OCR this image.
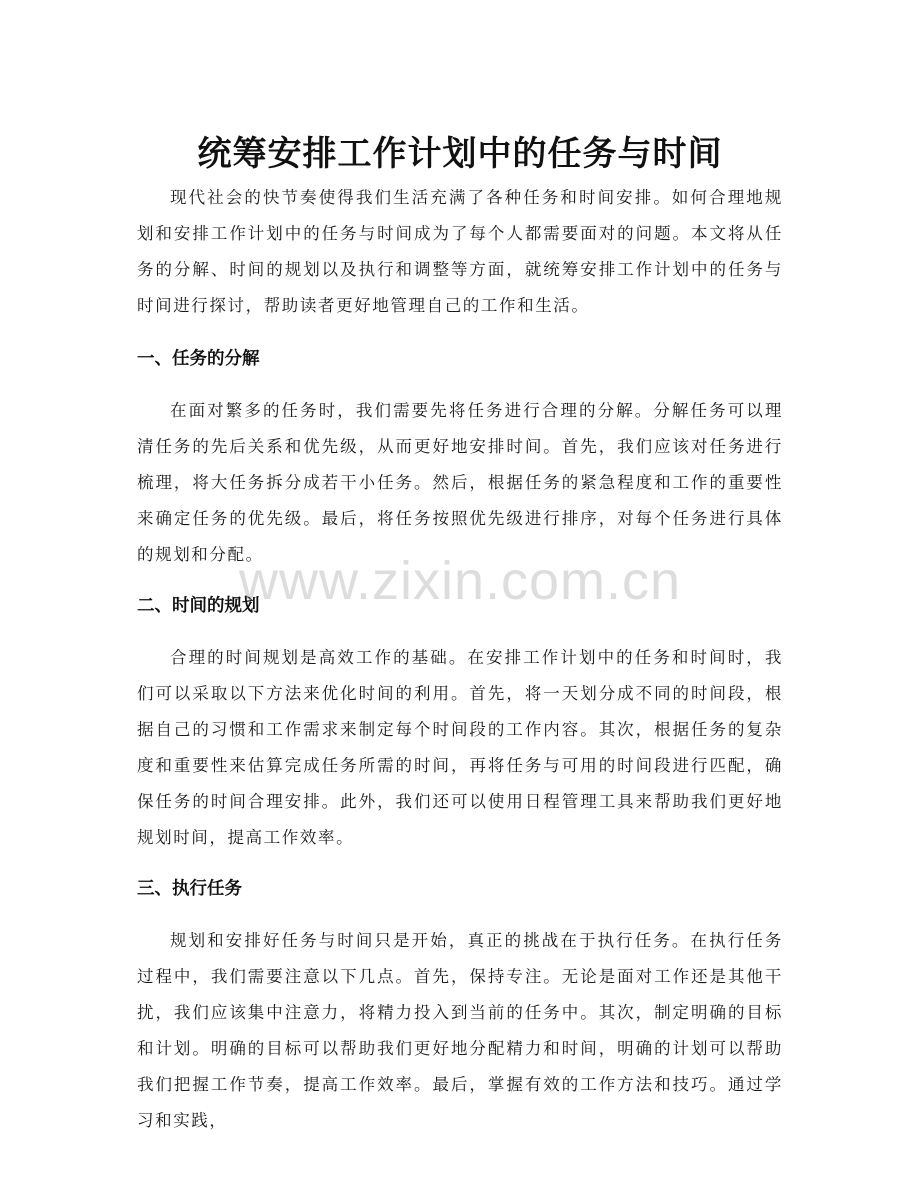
统筹安排工作计划中的任务与时间

现代社会的快节奏使得我们生活充满了各种任务和时间安排。如何合理地规划和安排工作计划中的任务与时间成为了每个人都需要面对的问题。本文将从任务的分解、时间的规划以及执行和调整等方面，就统筹安排工作计划中的任务与时间进行探讨，帮助读者更好地管理自己的工作和生活。

一、任务的分解

在面对繁多的任务时，我们需要先将任务进行合理的分解。分解任务可以理清任务的先后关系和优先级，从而更好地安排时间。首先，我们应该对任务进行梳理，将大任务拆分成若干小任务。然后，根据任务的紧急程度和工作的重要性来确定任务的优先级。最后，将任务按照优先级进行排序，对每个任务进行具体的规划和分配。

二、时间的规划

合理的时间规划是高效工作的基础。在安排工作计划中的任务和时间时，我们可以采取以下方法来优化时间的利用。首先，将一天划分成不同的时间段，根据自己的习惯和工作需求来制定每个时间段的工作内容。其次，根据任务的复杂度和重要性来估算完成任务所需的时间，再将任务与可用的时间段进行匹配，确保任务的时间合理安排。此外，我们还可以使用日程管理工具来帮助我们更好地规划时间，提高工作效率。

三、执行任务

规划和安排好任务与时间只是开始，真正的挑战在于执行任务。在执行任务过程中，我们需要注意以下几点。首先，保持专注。无论是面对工作还是其他干扰，我们应该集中注意力，将精力投入到当前的任务中。其次，制定明确的目标和计划。明确的目标可以帮助我们更好地分配精力和时间，明确的计划可以帮助我们把握工作节奏，提高工作效率。最后，掌握有效的工作方法和技巧。通过学习和实践，

www.zixin.com.cn
